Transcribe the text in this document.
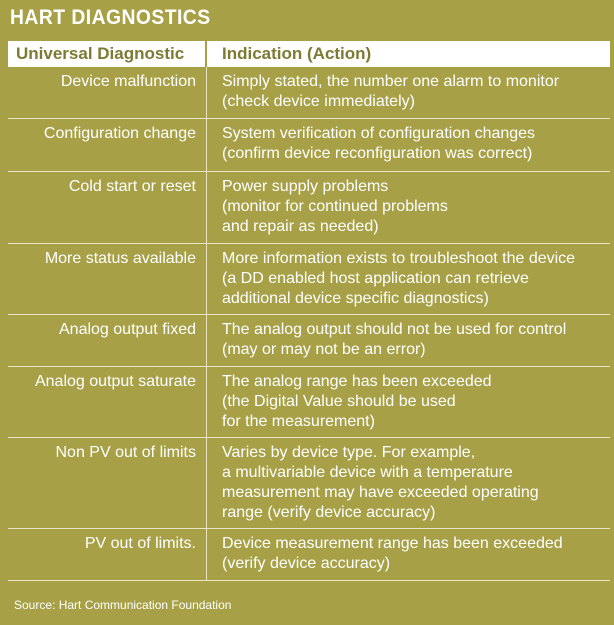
HART DIAGNOSTICS
Universal Diagnostic	Indication (Action)
Device malfunction	Simply stated, the number one alarm to monitor
(check device immediately)
Configuration change	System verification of configuration changes
(confirm device reconfiguration was correct)
Cold start or reset	Power supply problems
(monitor for continued problems
and repair as needed)
More status available	More information exists to troubleshoot the device
(a DD enabled host application can retrieve
additional device specific diagnostics)
Analog output fixed	The analog output should not be used for control
(may or may not be an error)
Analog output saturate	The analog range has been exceeded
(the Digital Value should be used
for the measurement)
Non PV out of limits	Varies by device type. For example,
a multivariable device with a temperature
measurement may have exceeded operating
range (verify device accuracy)
PV out of limits.	Device measurement range has been exceeded
(verify device accuracy)
Source: Hart Communication Foundation
